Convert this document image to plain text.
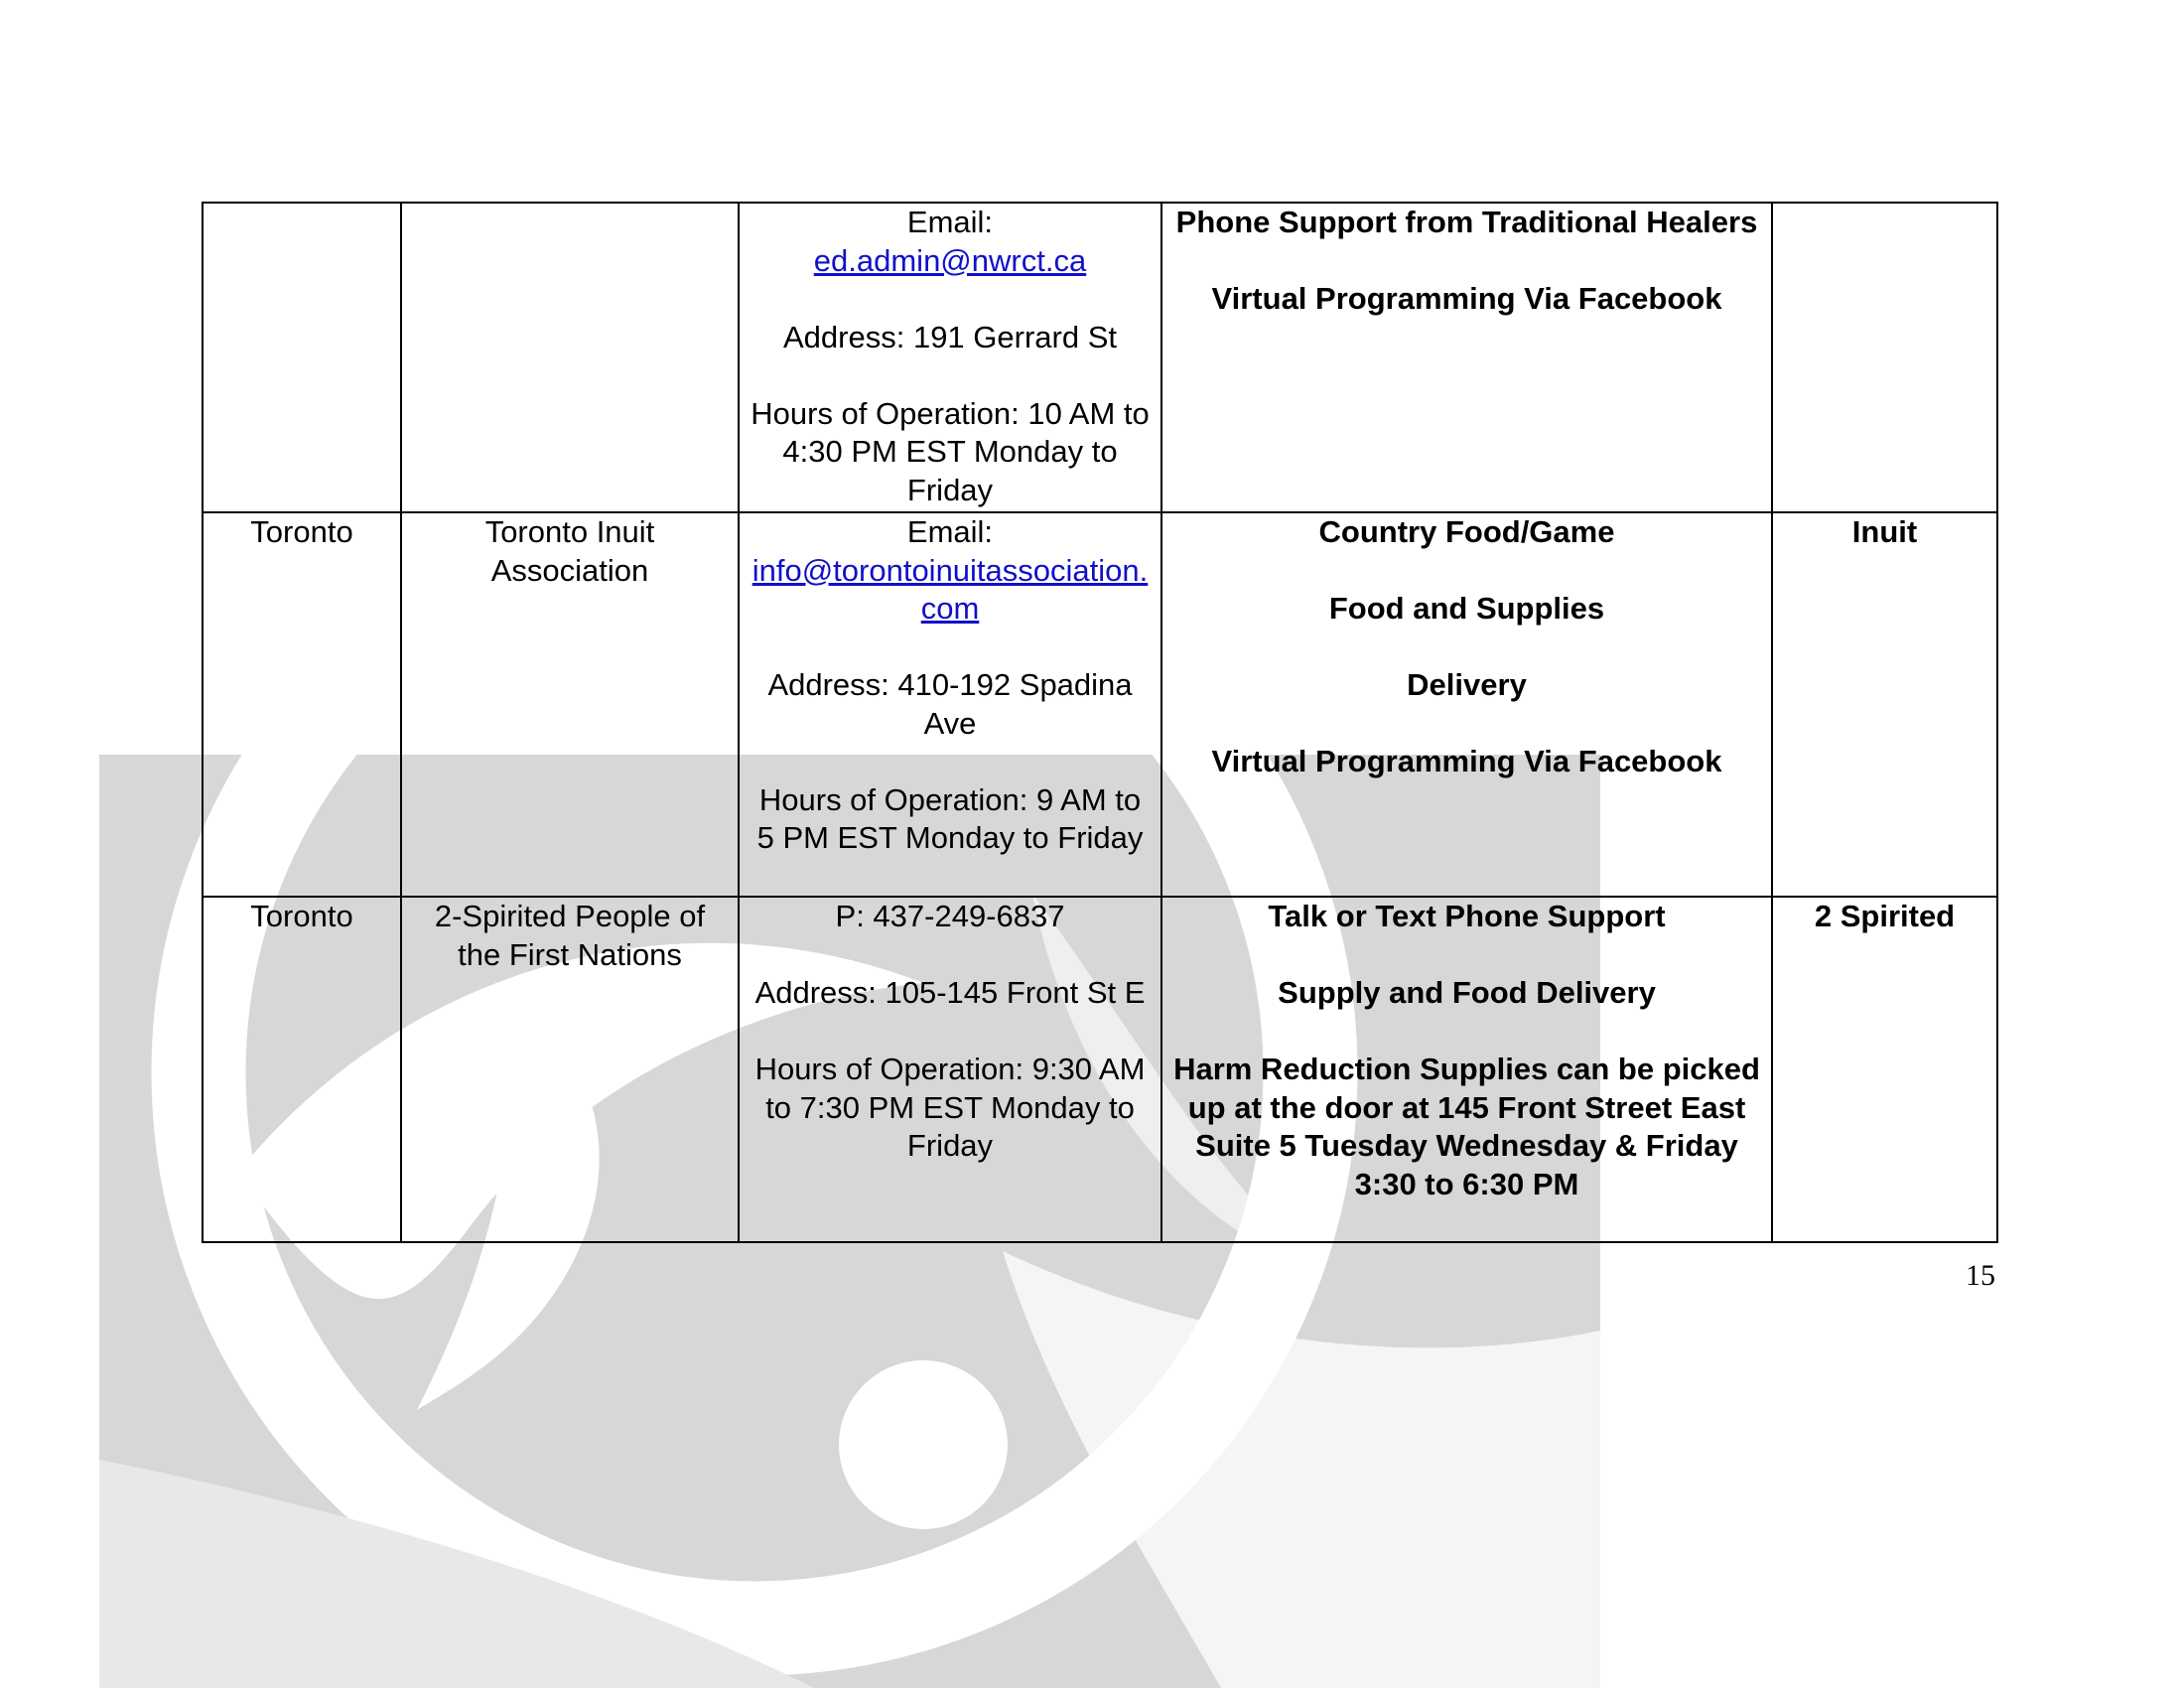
		Email:
ed.admin@nwrct.ca
Address: 191 Gerrard St
Hours of Operation: 10 AM to 4:30 PM EST Monday to Friday	Phone Support from Traditional Healers
Virtual Programming Via Facebook	

Toronto	Toronto Inuit Association	Email:
info@torontoinuitassociation.com
Address: 410-192 Spadina Ave
Hours of Operation: 9 AM to 5 PM EST Monday to Friday	Country Food/Game
Food and Supplies
Delivery
Virtual Programming Via Facebook	Inuit
Toronto	2-Spirited People of the First Nations	P: 437-249-6837
Address: 105-145 Front St E
Hours of Operation: 9:30 AM to 7:30 PM EST Monday to Friday	Talk or Text Phone Support
Supply and Food Delivery
Harm Reduction Supplies can be picked up at the door at 145 Front Street East Suite 5 Tuesday Wednesday & Friday 3:30 to 6:30 PM	2 Spirited
15
